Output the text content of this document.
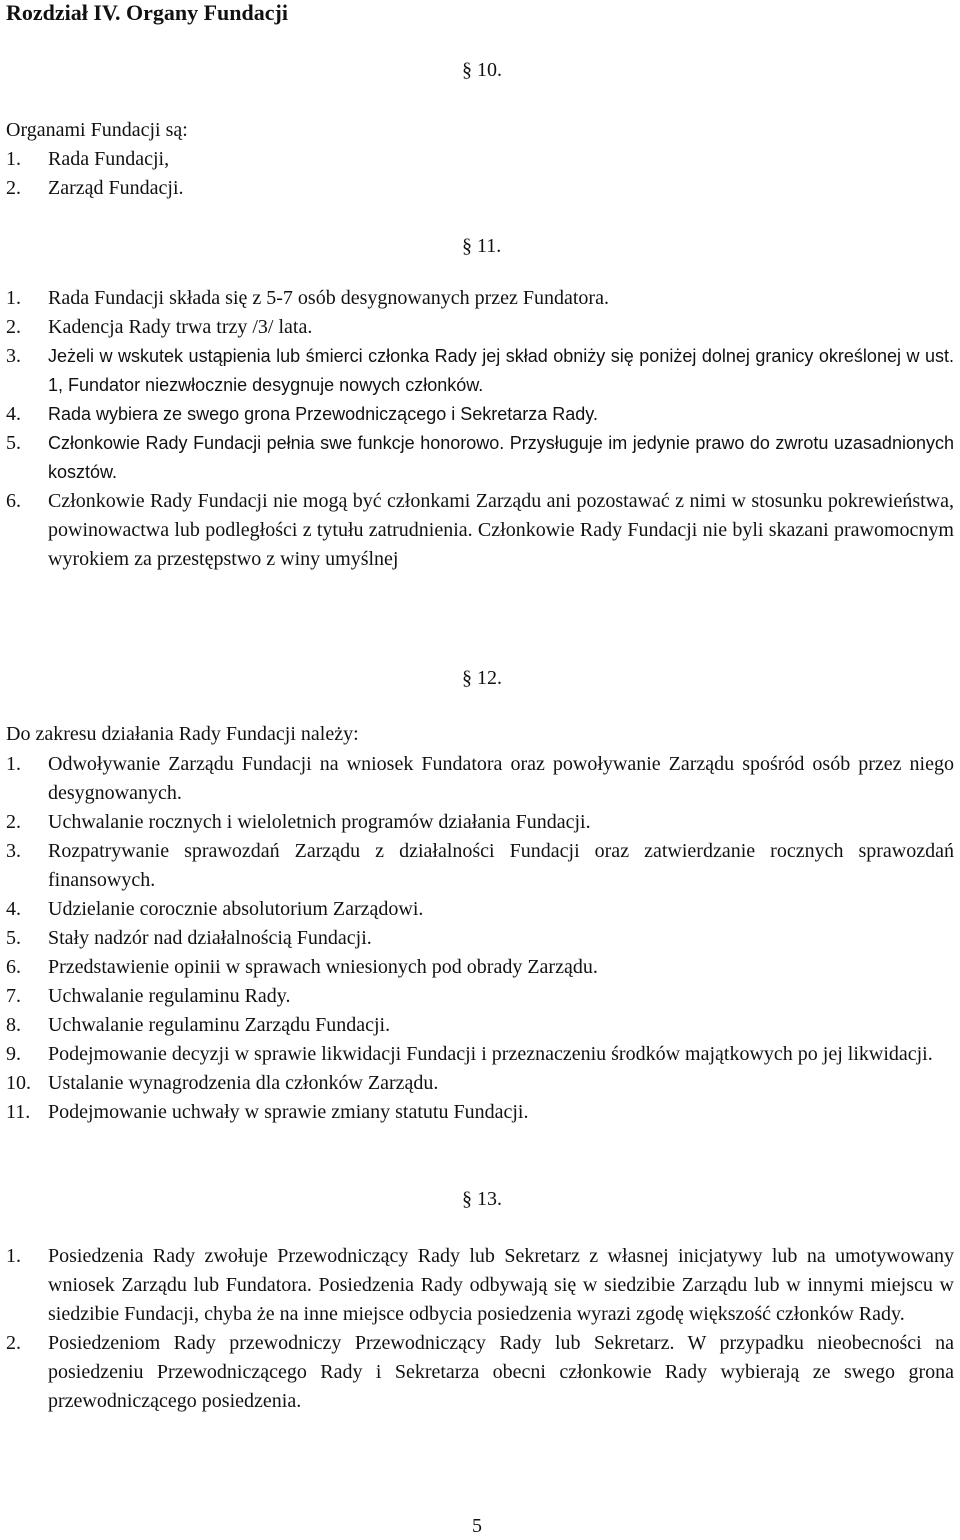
Rozdział IV. Organy Fundacji
§ 10.
Organami Fundacji są:
1.	Rada Fundacji,
2.	Zarząd Fundacji.
§ 11.
1.	Rada Fundacji składa się z 5-7 osób desygnowanych przez Fundatora.
2.	Kadencja Rady trwa trzy /3/ lata.
3.	Jeżeli w wskutek ustąpienia lub śmierci członka Rady jej skład obniży się poniżej dolnej granicy określonej w ust. 1, Fundator niezwłocznie desygnuje nowych członków.
4.	Rada wybiera ze swego grona Przewodniczącego i Sekretarza Rady.
5.	Członkowie Rady Fundacji pełnia swe funkcje honorowo. Przysługuje im jedynie prawo do zwrotu uzasadnionych kosztów.
6.	Członkowie Rady Fundacji nie mogą być członkami Zarządu ani pozostawać z nimi w stosunku pokrewieństwa, powinowactwa lub podległości z tytułu zatrudnienia. Członkowie Rady Fundacji nie byli skazani prawomocnym wyrokiem za przestępstwo z winy umyślnej
§ 12.
Do zakresu działania Rady Fundacji należy:
1.	Odwoływanie Zarządu Fundacji na wniosek Fundatora oraz powoływanie Zarządu spośród osób przez niego desygnowanych.
2.	Uchwalanie rocznych i wieloletnich programów działania Fundacji.
3.	Rozpatrywanie sprawozdań Zarządu z działalności Fundacji oraz zatwierdzanie rocznych sprawozdań finansowych.
4.	Udzielanie corocznie absolutorium Zarządowi.
5.	Stały nadzór nad działalnością Fundacji.
6.	Przedstawienie opinii w sprawach wniesionych pod obrady Zarządu.
7.	Uchwalanie regulaminu Rady.
8.	Uchwalanie regulaminu Zarządu Fundacji.
9.	Podejmowanie decyzji w sprawie likwidacji Fundacji i przeznaczeniu środków majątkowych po jej likwidacji.
10. Ustalanie wynagrodzenia dla członków Zarządu.
11. Podejmowanie uchwały w sprawie zmiany statutu Fundacji.
§ 13.
1.	Posiedzenia Rady zwołuje Przewodniczący Rady lub Sekretarz z własnej inicjatywy lub na umotywowany wniosek Zarządu lub Fundatora. Posiedzenia Rady odbywają się w siedzibie Zarządu lub w innymi miejscu w siedzibie Fundacji, chyba że na inne miejsce odbycia posiedzenia wyrazi zgodę większość członków Rady.
2.	Posiedzeniom Rady przewodniczy Przewodniczący Rady lub Sekretarz. W przypadku nieobecności na posiedzeniu Przewodniczącego Rady i Sekretarza obecni członkowie Rady wybierają ze swego grona przewodniczącego posiedzenia.
5
